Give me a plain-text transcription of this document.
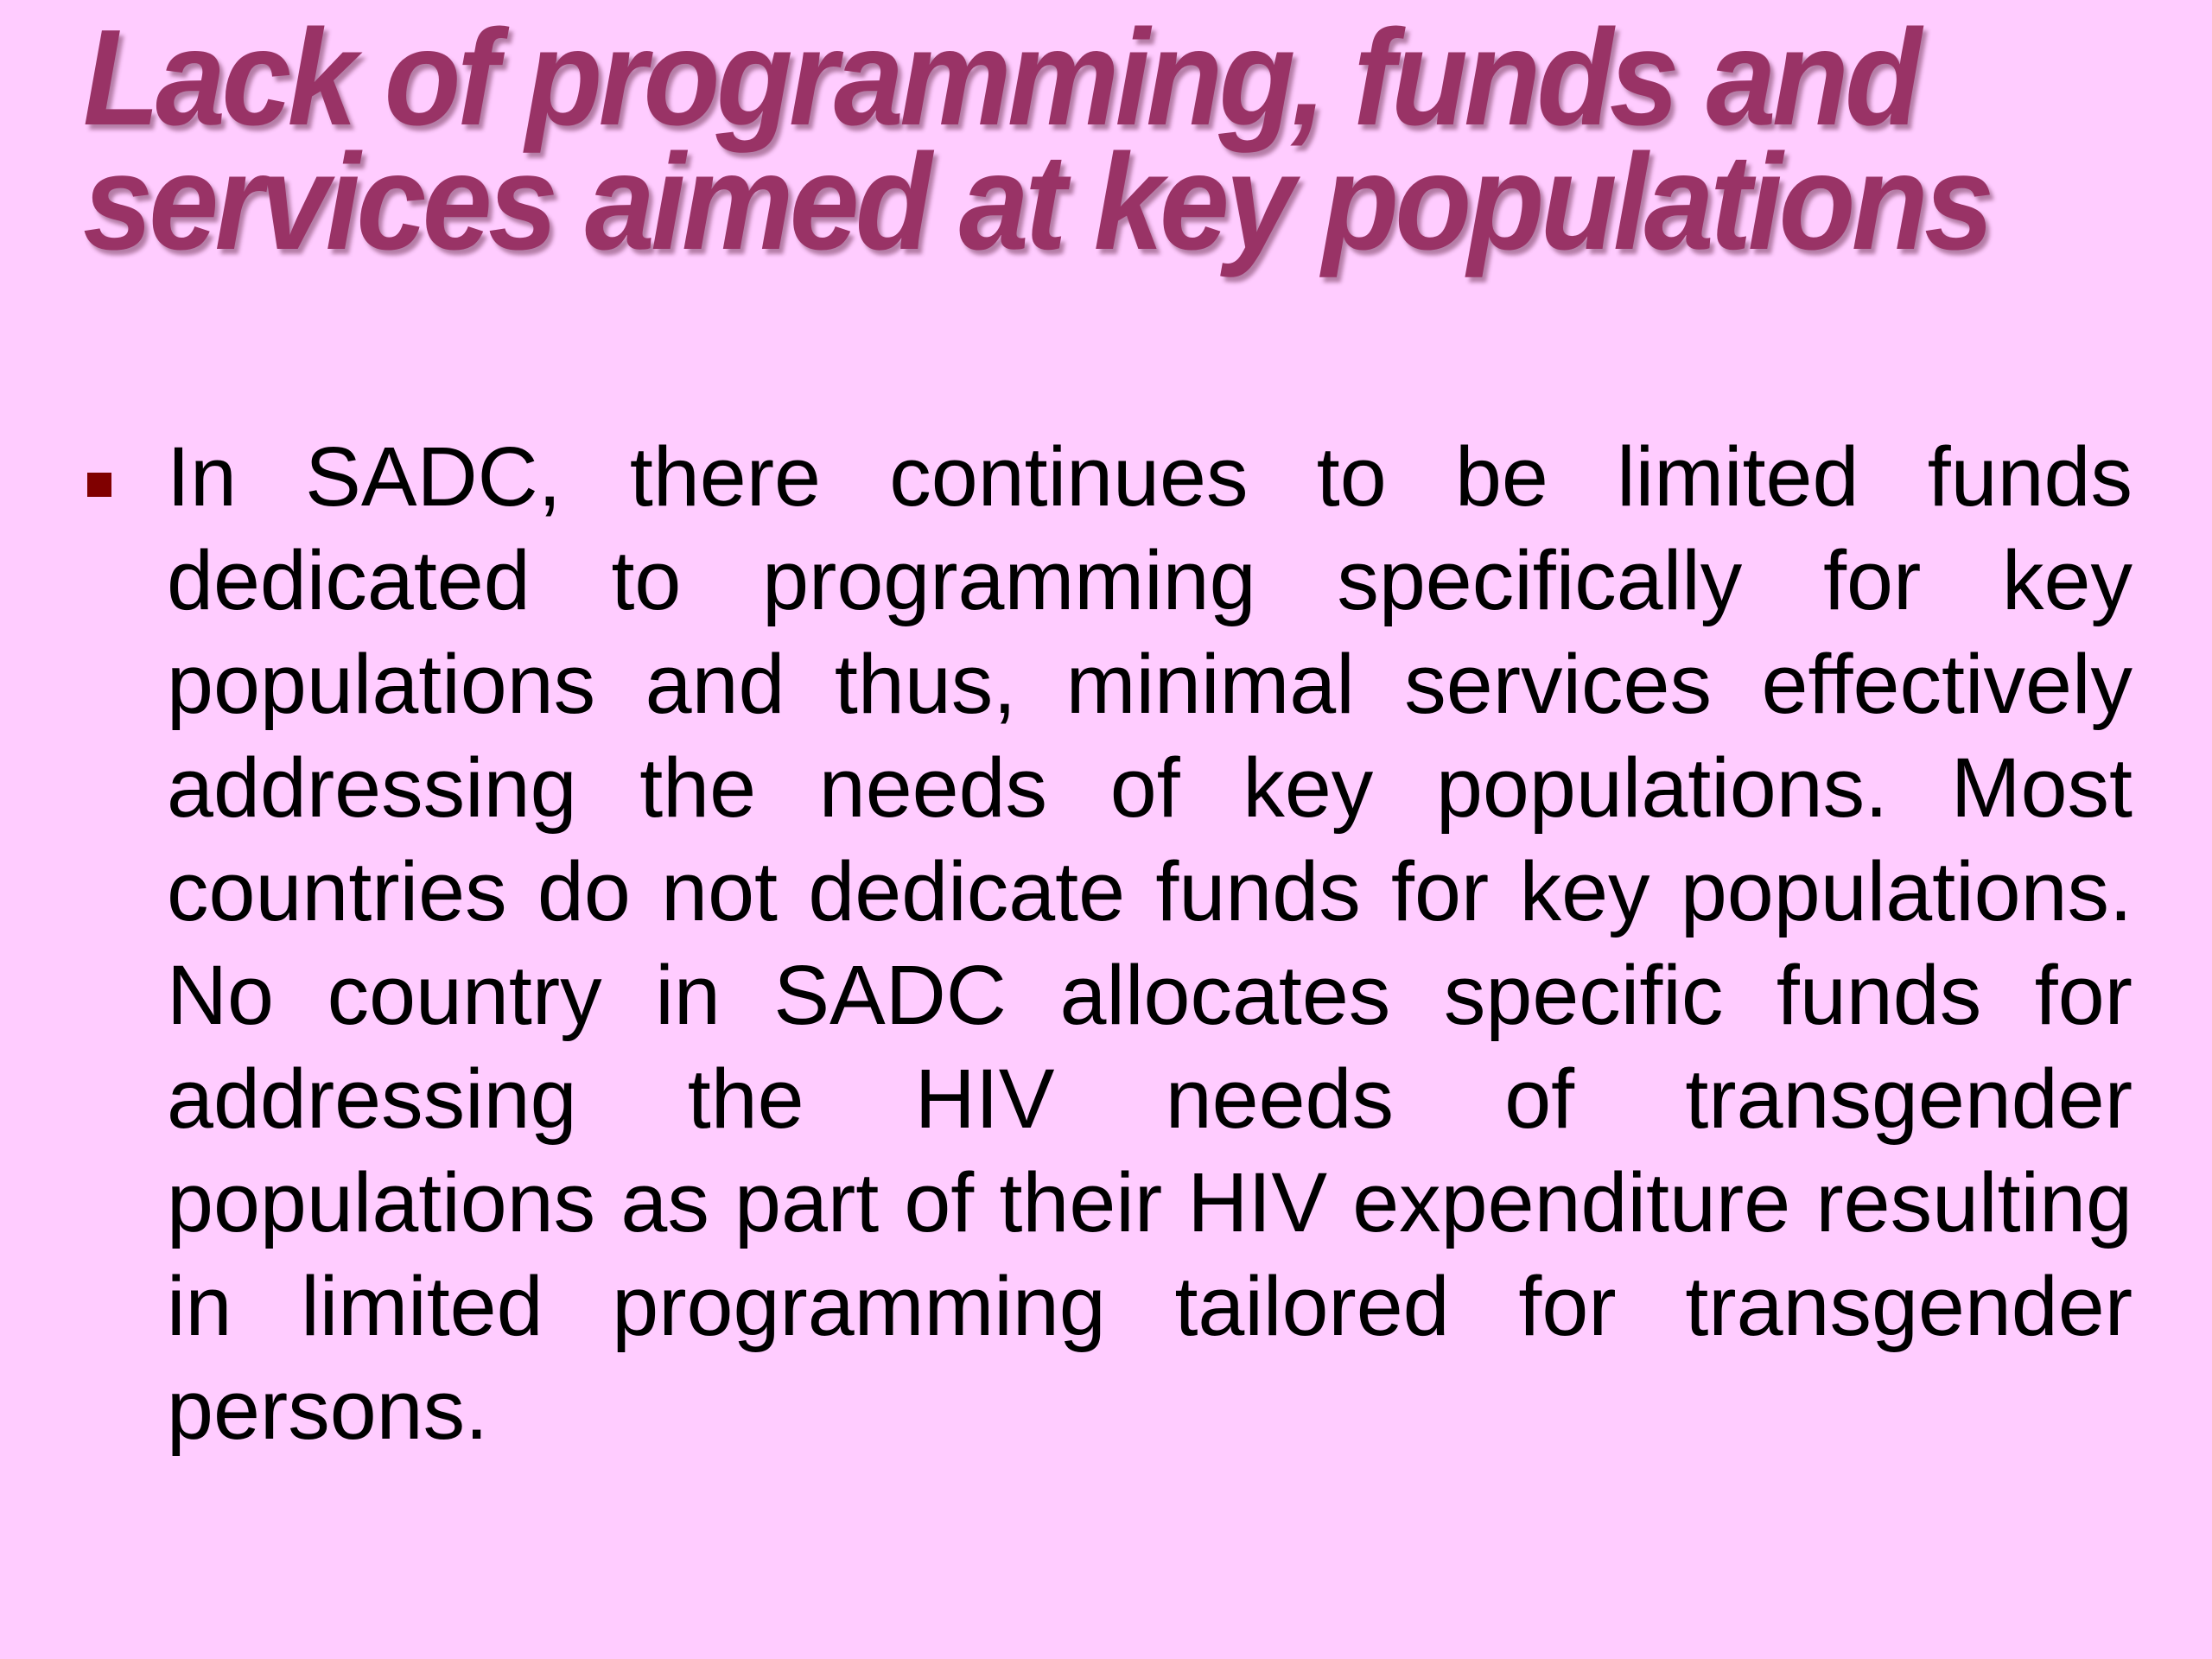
Lack of programming, funds and
services aimed at key populations

In SADC, there continues to be limited funds dedicated to programming specifically for key populations and thus, minimal services effectively addressing the needs of key populations. Most countries do not dedicate funds for key populations. No country in SADC allocates specific funds for addressing the HIV needs of transgender populations as part of their HIV expenditure resulting in limited programming tailored for transgender persons.
